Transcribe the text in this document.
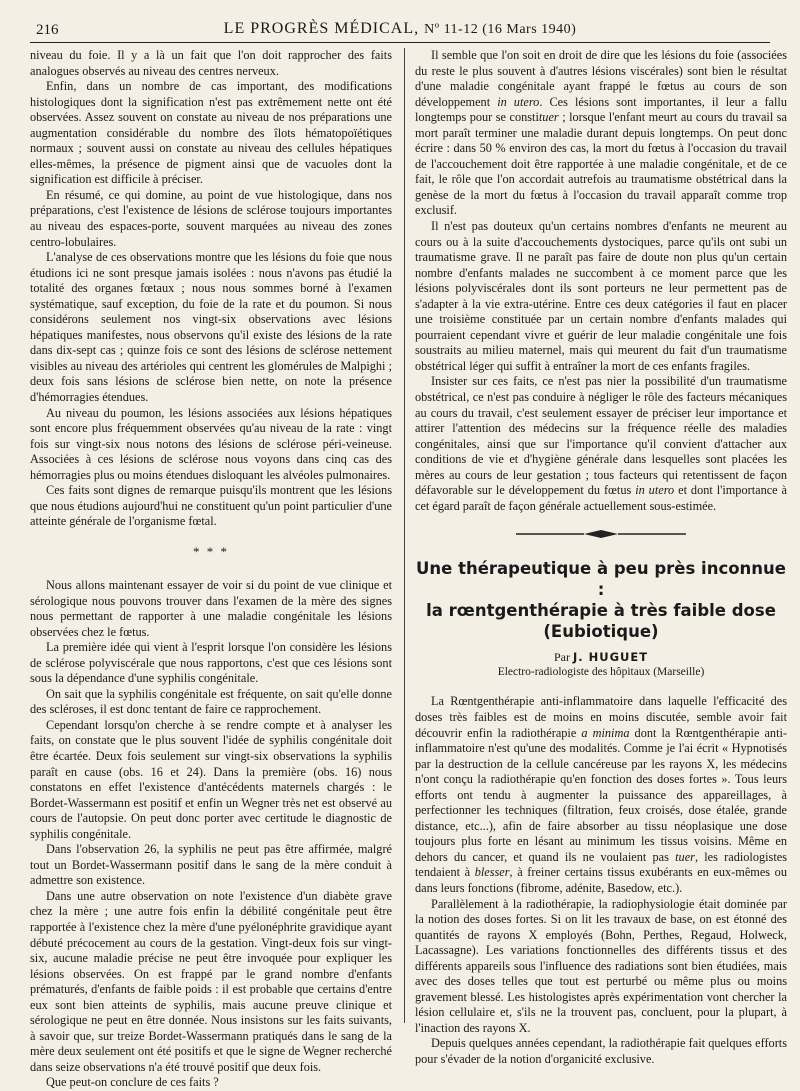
216	LE PROGRÈS MÉDICAL, Nº 11-12 (16 Mars 1940)

niveau du foie. Il y a là un fait que l'on doit rapprocher des faits analogues observés au niveau des centres nerveux.

Enfin, dans un nombre de cas important, des modifications histologiques dont la signification n'est pas extrêmement nette ont été observées. Assez souvent on constate au niveau de nos préparations une augmentation considérable du nombre des îlots hématopoïétiques normaux ; souvent aussi on constate au niveau des cellules hépatiques elles-mêmes, la présence de pigment ainsi que de vacuoles dont la signification est difficile à préciser.

En résumé, ce qui domine, au point de vue histologique, dans nos préparations, c'est l'existence de lésions de sclérose toujours importantes au niveau des espaces-porte, souvent marquées au niveau des zones centro-lobulaires.

L'analyse de ces observations montre que les lésions du foie que nous étudions ici ne sont presque jamais isolées : nous n'avons pas étudié la totalité des organes fœtaux ; nous nous sommes borné à l'examen systématique, sauf exception, du foie de la rate et du poumon. Si nous considérons seulement nos vingt-six observations avec lésions hépatiques manifestes, nous observons qu'il existe des lésions de la rate dans dix-sept cas ; quinze fois ce sont des lésions de sclérose nettement visibles au niveau des artérioles qui centrent les glomérules de Malpighi ; deux fois sans lésions de sclérose bien nette, on note la présence d'hémorragies étendues.

Au niveau du poumon, les lésions associées aux lésions hépatiques sont encore plus fréquemment observées qu'au niveau de la rate : vingt fois sur vingt-six nous notons des lésions de sclérose péri-veineuse. Associées à ces lésions de sclérose nous voyons dans cinq cas des hémorragies plus ou moins étendues disloquant les alvéoles pulmonaires.

Ces faits sont dignes de remarque puisqu'ils montrent que les lésions que nous étudions aujourd'hui ne constituent qu'un point particulier d'une atteinte générale de l'organisme fœtal.

* * *

Nous allons maintenant essayer de voir si du point de vue clinique et sérologique nous pouvons trouver dans l'examen de la mère des signes nous permettant de rapporter à une maladie congénitale les lésions observées chez le fœtus.

La première idée qui vient à l'esprit lorsque l'on considère les lésions de sclérose polyviscérale que nous rapportons, c'est que ces lésions sont sous la dépendance d'une syphilis congénitale.

On sait que la syphilis congénitale est fréquente, on sait qu'elle donne des scléroses, il est donc tentant de faire ce rapprochement.

Cependant lorsqu'on cherche à se rendre compte et à analyser les faits, on constate que le plus souvent l'idée de syphilis congénitale doit être écartée. Deux fois seulement sur vingt-six observations la syphilis paraît en cause (obs. 16 et 24). Dans la première (obs. 16) nous constatons en effet l'existence d'antécédents maternels chargés : le Bordet-Wassermann est positif et enfin un Wegner très net est observé au cours de l'autopsie. On peut donc porter avec certitude le diagnostic de syphilis congénitale.

Dans l'observation 26, la syphilis ne peut pas être affirmée, malgré tout un Bordet-Wassermann positif dans le sang de la mère conduit à admettre son existence.

Dans une autre observation on note l'existence d'un diabète grave chez la mère ; une autre fois enfin la débilité congénitale peut être rapportée à l'existence chez la mère d'une pyélonéphrite gravidique ayant débuté précocement au cours de la gestation. Vingt-deux fois sur vingt-six, aucune maladie précise ne peut être invoquée pour expliquer les lésions observées. On est frappé par le grand nombre d'enfants prématurés, d'enfants de faible poids : il est probable que certains d'entre eux sont bien atteints de syphilis, mais aucune preuve clinique et sérologique ne peut en être donnée. Nous insistons sur les faits suivants, à savoir que, sur treize Bordet-Wassermann pratiqués dans le sang de la mère deux seulement ont été positifs et que le signe de Wegner recherché dans seize observations n'a été trouvé positif que deux fois.

Que peut-on conclure de ces faits ?

Il semble que l'on soit en droit de dire que les lésions du foie (associées du reste le plus souvent à d'autres lésions viscérales) sont bien le résultat d'une maladie congénitale ayant frappé le fœtus au cours de son développement in utero. Ces lésions sont importantes, il leur a fallu longtemps pour se constituer ; lorsque l'enfant meurt au cours du travail sa mort paraît terminer une maladie durant depuis longtemps. On peut donc écrire : dans 50 % environ des cas, la mort du fœtus à l'occasion du travail de l'accouchement doit être rapportée à une maladie congénitale, et de ce fait, le rôle que l'on accordait autrefois au traumatisme obstétrical dans la genèse de la mort du fœtus à l'occasion du travail apparaît comme trop exclusif.

Il n'est pas douteux qu'un certains nombres d'enfants ne meurent au cours ou à la suite d'accouchements dystociques, parce qu'ils ont subi un traumatisme grave. Il ne paraît pas faire de doute non plus qu'un certain nombre d'enfants malades ne succombent à ce moment parce que les lésions polyviscérales dont ils sont porteurs ne leur permettent pas de s'adapter à la vie extra-utérine. Entre ces deux catégories il faut en placer une troisième constituée par un certain nombre d'enfants malades qui pourraient cependant vivre et guérir de leur maladie congénitale une fois soustraits au milieu maternel, mais qui meurent du fait d'un traumatisme obstétrical léger qui suffit à entraîner la mort de ces enfants fragiles.

Insister sur ces faits, ce n'est pas nier la possibilité d'un traumatisme obstétrical, ce n'est pas conduire à négliger le rôle des facteurs mécaniques au cours du travail, c'est seulement essayer de préciser leur importance et attirer l'attention des médecins sur la fréquence réelle des maladies congénitales, ainsi que sur l'importance qu'il convient d'attacher aux conditions de vie et d'hygiène générale dans lesquelles sont placées les mères au cours de leur gestation ; tous facteurs qui retentissent de façon défavorable sur le développement du fœtus in utero et dont l'importance à cet égard paraît de façon générale actuellement sous-estimée.

Une thérapeutique à peu près inconnue :
la rœntgenthérapie à très faible dose
(Eubiotique)
Par J. HUGUET
Electro-radiologiste des hôpitaux (Marseille)

La Rœntgenthérapie anti-inflammatoire dans laquelle l'efficacité des doses très faibles est de moins en moins discutée, semble avoir fait découvrir enfin la radiothérapie a minima dont la Rœntgenthérapie anti-inflammatoire n'est qu'une des modalités. Comme je l'ai écrit « Hypnotisés par la destruction de la cellule cancéreuse par les rayons X, les médecins n'ont conçu la radiothérapie qu'en fonction des doses fortes ». Tous leurs efforts ont tendu à augmenter la puissance des appareillages, à perfectionner les techniques (filtration, feux croisés, dose étalée, grande distance, etc...), afin de faire absorber au tissu néoplasique une dose toujours plus forte en lésant au minimum les tissus voisins. Même en dehors du cancer, et quand ils ne voulaient pas tuer, les radiologistes tendaient à blesser, à freiner certains tissus exubérants en eux-mêmes ou dans leurs fonctions (fibrome, adénite, Basedow, etc.).

Parallèlement à la radiothérapie, la radiophysiologie était dominée par la notion des doses fortes. Si on lit les travaux de base, on est étonné des quantités de rayons X employés (Bohn, Perthes, Regaud, Holweck, Lacassagne). Les variations fonctionnelles des différents tissus et des différents appareils sous l'influence des radiations sont bien étudiées, mais avec des doses telles que tout est perturbé ou même plus ou moins gravement blessé. Les histologistes après expérimentation vont chercher la lésion cellulaire et, s'ils ne la trouvent pas, concluent, pour la plupart, à l'inaction des rayons X.

Depuis quelques années cependant, la radiothérapie fait quelques efforts pour s'évader de la notion d'organicité exclusive.
